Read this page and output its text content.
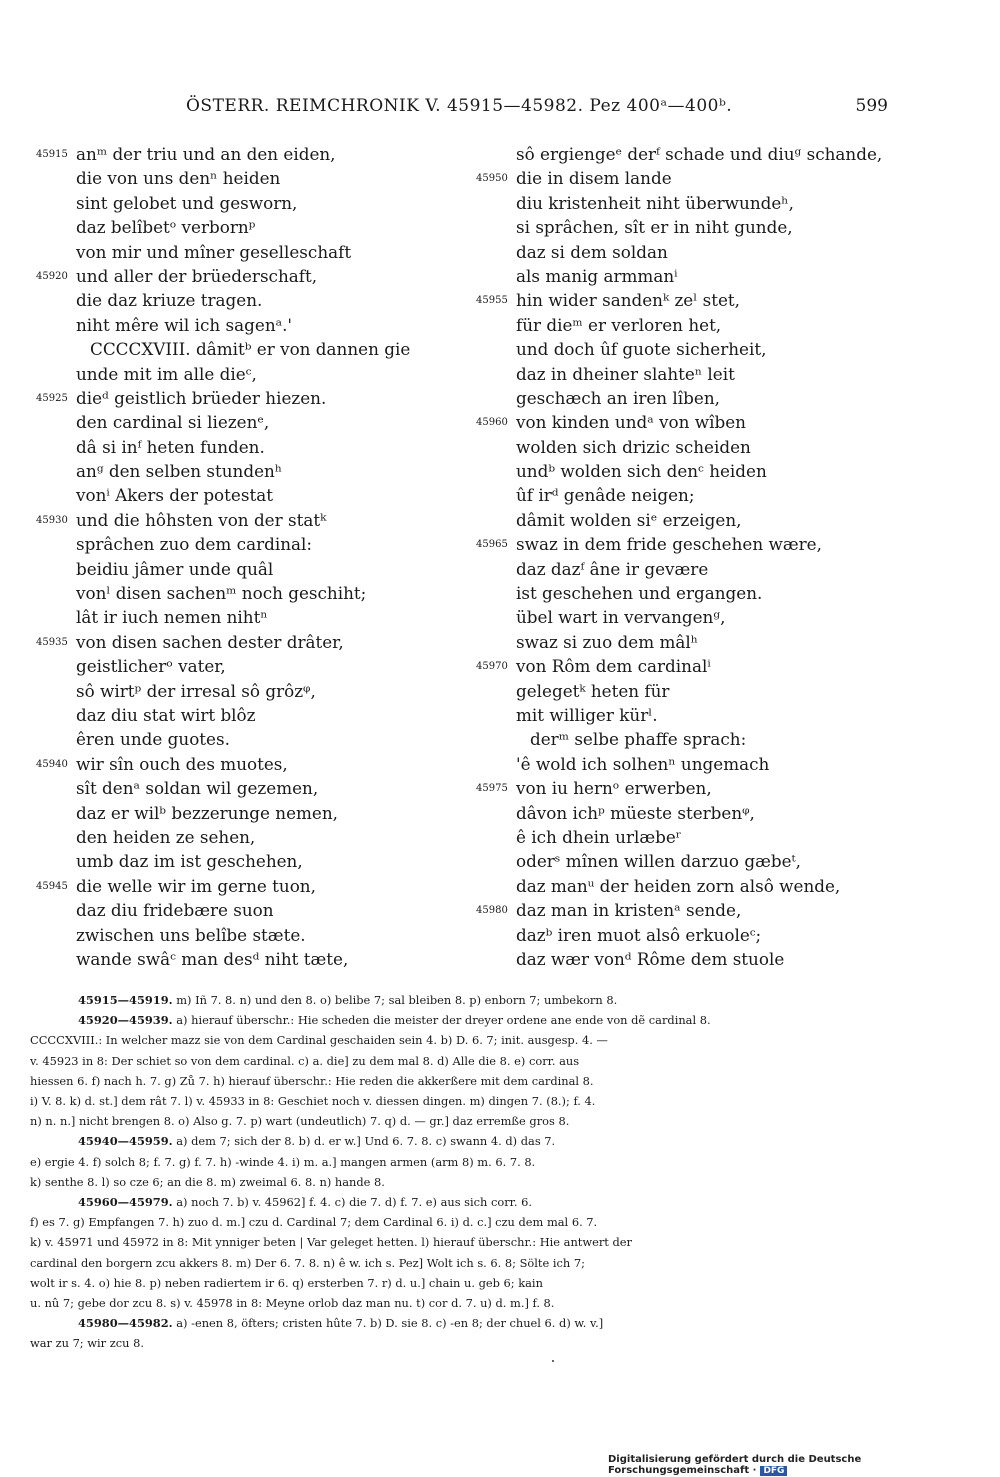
ÖSTERR. REIMCHRONIK V. 45915—45982. Pez 400ᵃ—400ᵇ.	599
45915 anᵐ der triu und an den eiden,
die von uns denⁿ heiden
sint gelobet und gesworn,
daz belîbetᵒ verbornᵖ
von mir und mîner geselleschaft
45920 und aller der brüederschaft,
die daz kriuze tragen.
niht mêre wil ich sagenᵃ.'
CCCCXVIII. dâmitᵇ er von dannen gie
unde mit im alle dieᶜ,
45925 dieᵈ geistlich brüeder hiezen.
den cardinal si liezenᵉ,
dâ si inᶠ heten funden.
anᵍ den selben stundenʰ
vonⁱ Akers der potestat
45930 und die hôhsten von der statᵏ
sprâchen zuo dem cardinal:
beidiu jâmer unde quâl
vonˡ disen sachenᵐ noch geschiht;
lât ir iuch nemen nihtⁿ
45935 von disen sachen dester drâter,
geistlicherᵒ vater,
sô wirtᵖ der irresal sô grôzᵠ,
daz diu stat wirt blôz
êren unde guotes.
45940 wir sîn ouch des muotes,
sît denᵃ soldan wil gezemen,
daz er wilᵇ bezzerunge nemen,
den heiden ze sehen,
umb daz im ist geschehen,
45945 die welle wir im gerne tuon,
daz diu fridebære suon
zwischen uns belîbe stæte.
wande swâᶜ man desᵈ niht tæte,
sô ergiengeᵉ derᶠ schade und diuᵍ schande,
45950 die in disem lande
diu kristenheit niht überwundeʰ,
si sprâchen, sît er in niht gunde,
daz si dem soldan
als manig armmanⁱ
45955 hin wider sandenᵏ zeˡ stet,
für dieᵐ er verloren het,
und doch ûf guote sicherheit,
daz in dheiner slahteⁿ leit
geschæch an iren lîben,
45960 von kinden undᵃ von wîben
wolden sich drizic scheiden
undᵇ wolden sich denᶜ heiden
ûf irᵈ genâde neigen;
dâmit wolden siᵉ erzeigen,
45965 swaz in dem fride geschehen wære,
daz dazᶠ âne ir gevære
ist geschehen und ergangen.
übel wart in vervangenᵍ,
swaz si zuo dem mâlʰ
45970 von Rôm dem cardinalⁱ
gelegetᵏ heten für
mit williger kürˡ.
derᵐ selbe phaffe sprach:
'ê wold ich solhenⁿ ungemach
45975 von iu hernᵒ erwerben,
dâvon ichᵖ müeste sterbenᵠ,
ê ich dhein urlæbeʳ
oderˢ mînen willen darzuo gæbeᵗ,
daz manᵘ der heiden zorn alsô wende,
45980 daz man in kristenᵃ sende,
dazᵇ iren muot alsô erkuoleᶜ;
daz wær vonᵈ Rôme dem stuole
45915—45919. m) Iñ 7. 8. n) und den 8. o) belibe 7; sal bleiben 8. p) enborn 7; umbekorn 8.
45920—45939. a) hierauf überschr.: Hie scheden die meister der dreyer ordene ane ende von dẽ cardinal 8.
CCCCXVIII.: In welcher mazz sie von dem Cardinal geschaiden sein 4. b) D. 6. 7; init. ausgesp. 4. —
v. 45923 in 8: Der schiet so von dem cardinal. c) a. die] zu dem mal 8. d) Alle die 8. e) corr. aus
hiessen 6. f) nach h. 7. g) Zů 7. h) hierauf überschr.: Hie reden die akkerßere mit dem cardinal 8.
i) V. 8. k) d. st.] dem rât 7. l) v. 45933 in 8: Geschiet noch v. diessen dingen. m) dingen 7. (8.); f. 4.
n) n. n.] nicht brengen 8. o) Also g. 7. p) wart (undeutlich) 7. q) d. — gr.] daz erremße gros 8.
45940—45959. a) dem 7; sich der 8. b) d. er w.] Und 6. 7. 8. c) swann 4. d) das 7.
e) ergie 4. f) solch 8; f. 7. g) f. 7. h) -winde 4. i) m. a.] mangen armen (arm 8) m. 6. 7. 8.
k) senthe 8. l) so cze 6; an die 8. m) zweimal 6. 8. n) hande 8.
45960—45979. a) noch 7. b) v. 45962] f. 4. c) die 7. d) f. 7. e) aus sich corr. 6.
f) es 7. g) Empfangen 7. h) zuo d. m.] czu d. Cardinal 7; dem Cardinal 6. i) d. c.] czu dem mal 6. 7.
k) v. 45971 und 45972 in 8: Mit ynniger beten | Var geleget hetten. l) hierauf überschr.: Hie antwert der
cardinal den borgern zcu akkers 8. m) Der 6. 7. 8. n) ê w. ich s. Pez] Wolt ich s. 6. 8; Sölte ich 7;
wolt ir s. 4. o) hie 8. p) neben radiertem ir 6. q) ersterben 7. r) d. u.] chain u. geb 6; kain
u. nû 7; gebe dor zcu 8. s) v. 45978 in 8: Meyne orlob daz man nu. t) cor d. 7. u) d. m.] f. 8.
45980—45982. a) -enen 8, öfters; cristen hûte 7. b) D. sie 8. c) -en 8; der chuel 6. d) w. v.]
war zu 7; wir zcu 8.
Digitalisierung gefördert durch die Deutsche Forschungsgemeinschaft · DFG
